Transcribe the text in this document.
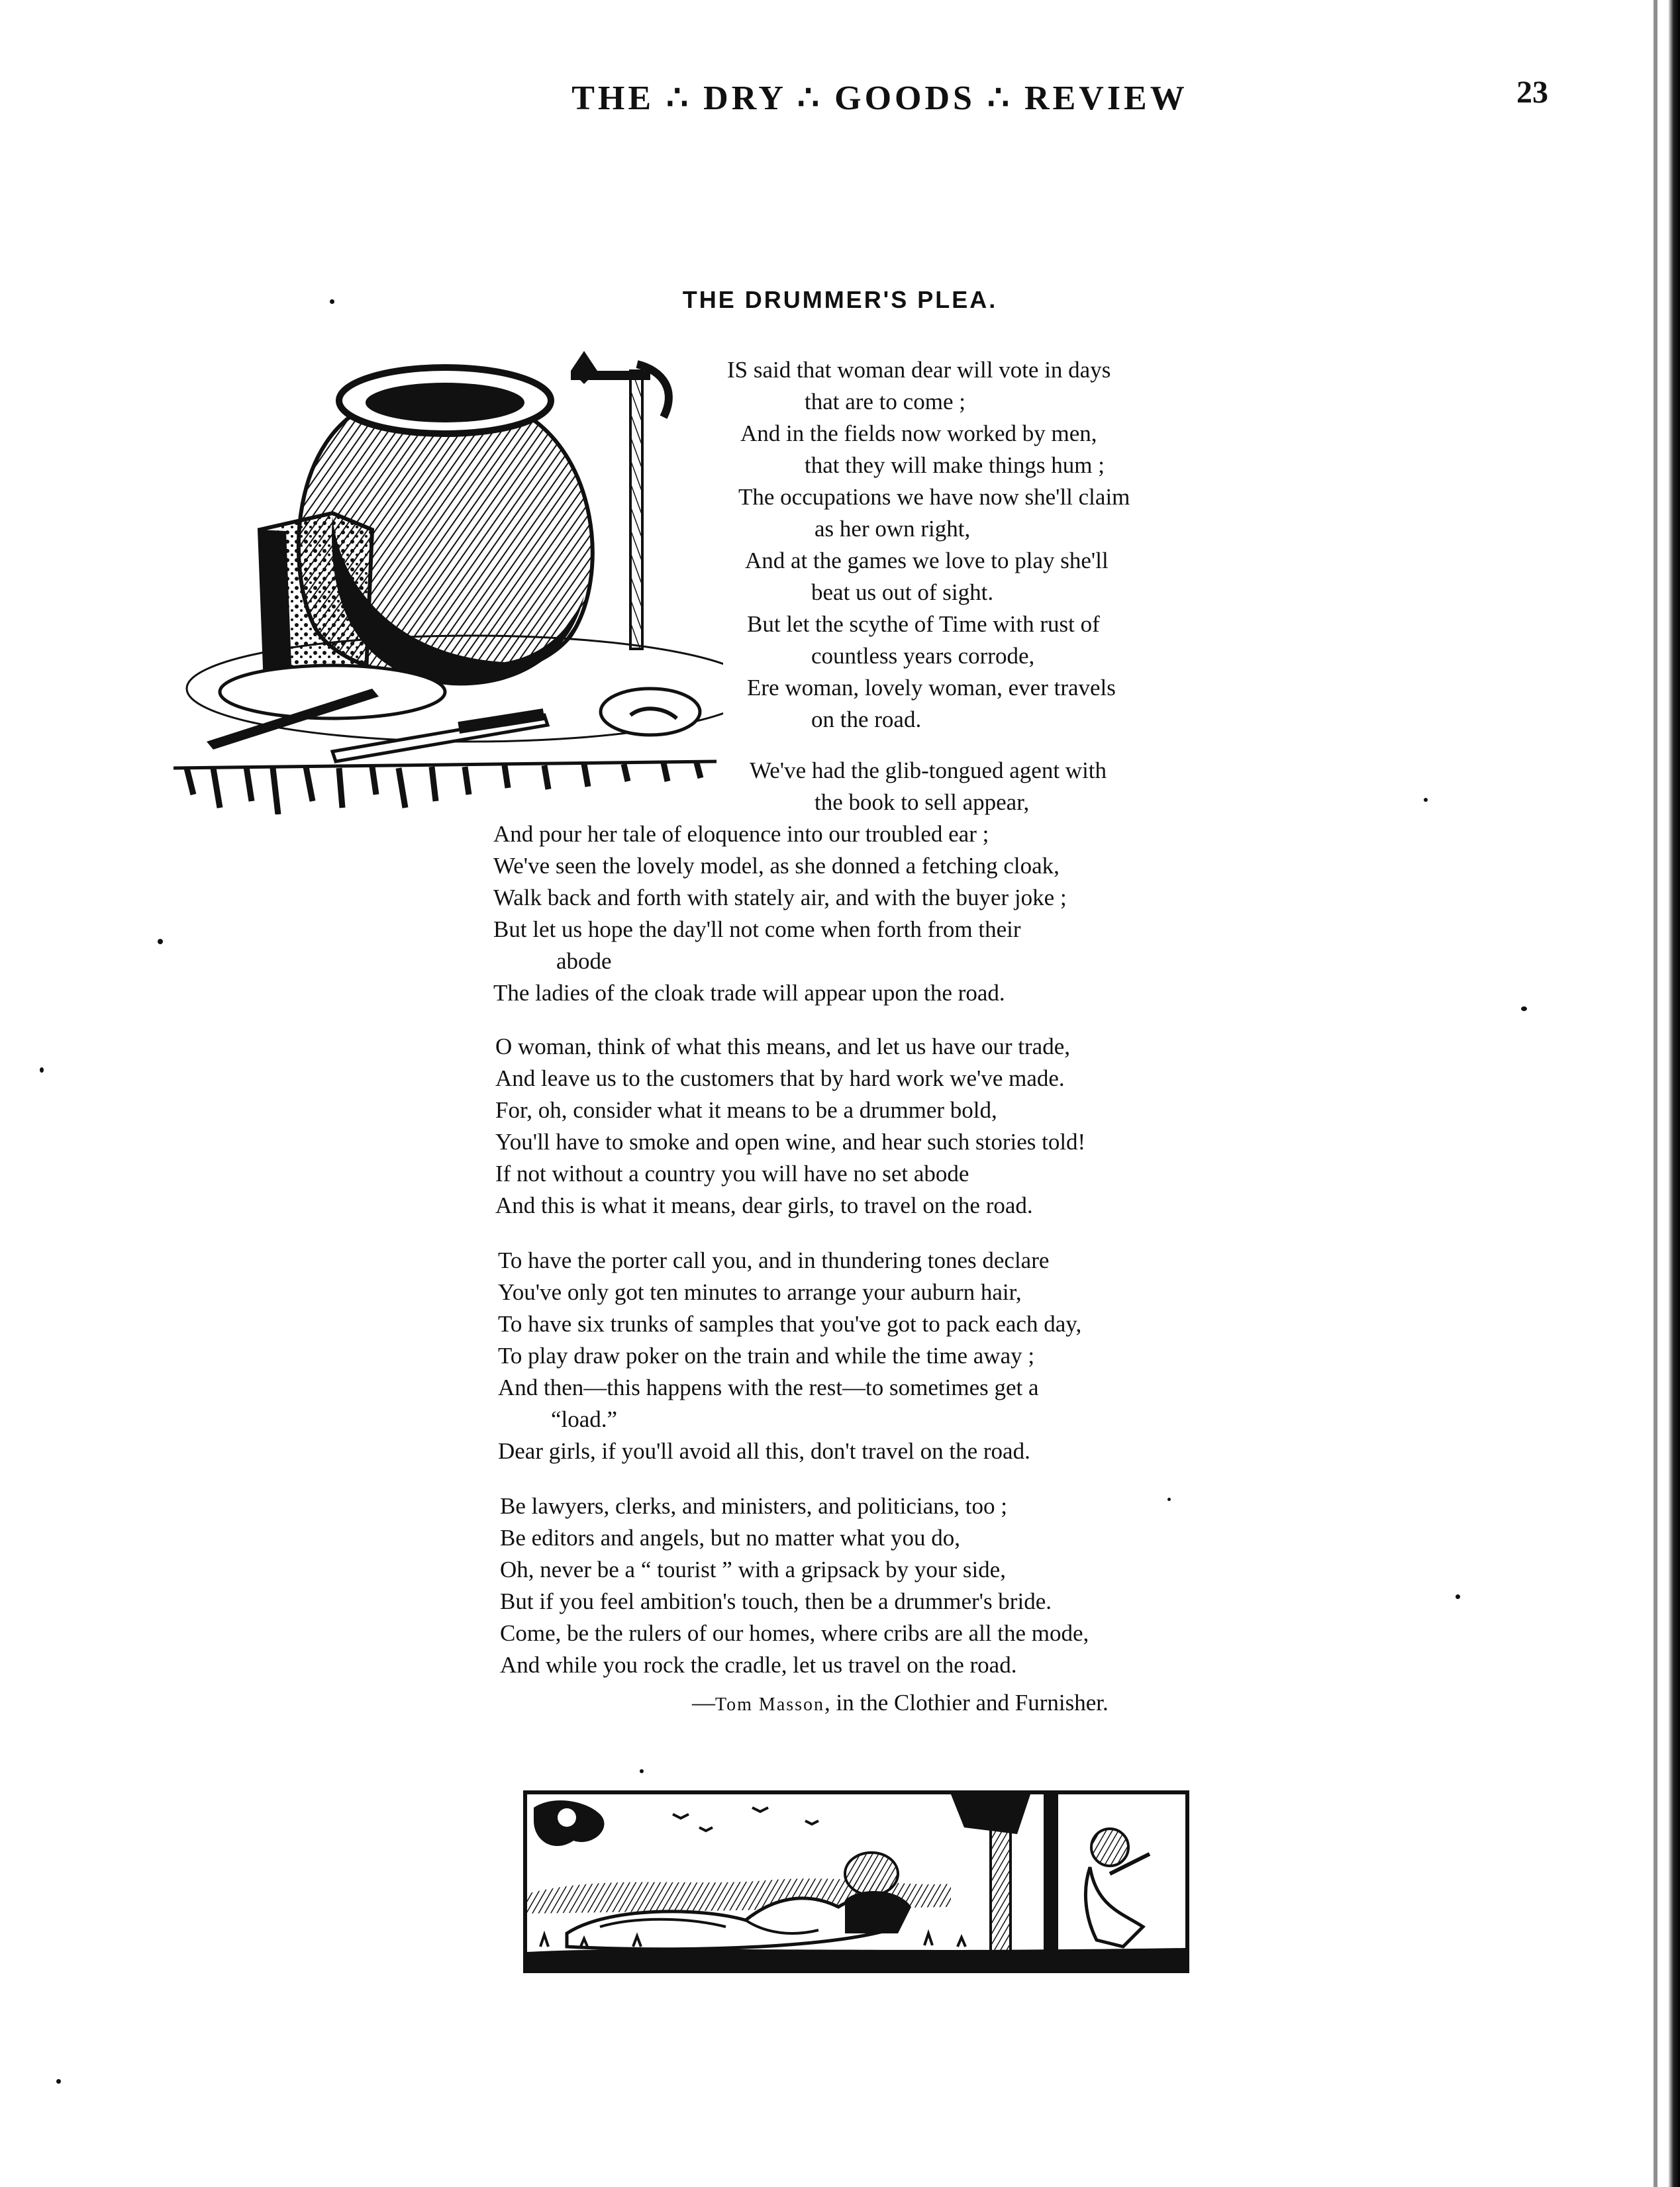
THE ∴ DRY ∴ GOODS ∴ REVIEW	23
THE DRUMMER'S PLEA.
IS said that woman dear will vote in days
that are to come ;
And in the fields now worked by men,
that they will make things hum ;
The occupations we have now she'll claim
as her own right,
And at the games we love to play she'll
beat us out of sight.
But let the scythe of Time with rust of
countless years corrode,
Ere woman, lovely woman, ever travels
on the road.
We've had the glib-tongued agent with
the book to sell appear,
And pour her tale of eloquence into our troubled ear ;
We've seen the lovely model, as she donned a fetching cloak,
Walk back and forth with stately air, and with the buyer joke ;
But let us hope the day'll not come when forth from their
abode
The ladies of the cloak trade will appear upon the road.
O woman, think of what this means, and let us have our trade,
And leave us to the customers that by hard work we've made.
For, oh, consider what it means to be a drummer bold,
You'll have to smoke and open wine, and hear such stories told!
If not without a country you will have no set abode
And this is what it means, dear girls, to travel on the road.
To have the porter call you, and in thundering tones declare
You've only got ten minutes to arrange your auburn hair,
To have six trunks of samples that you've got to pack each day,
To play draw poker on the train and while the time away ;
And then—this happens with the rest—to sometimes get a
“load.”
Dear girls, if you'll avoid all this, don't travel on the road.
Be lawyers, clerks, and ministers, and politicians, too ;
Be editors and angels, but no matter what you do,
Oh, never be a “ tourist ” with a gripsack by your side,
But if you feel ambition's touch, then be a drummer's bride.
Come, be the rulers of our homes, where cribs are all the mode,
And while you rock the cradle, let us travel on the road.
—Tom Masson, in the Clothier and Furnisher.
